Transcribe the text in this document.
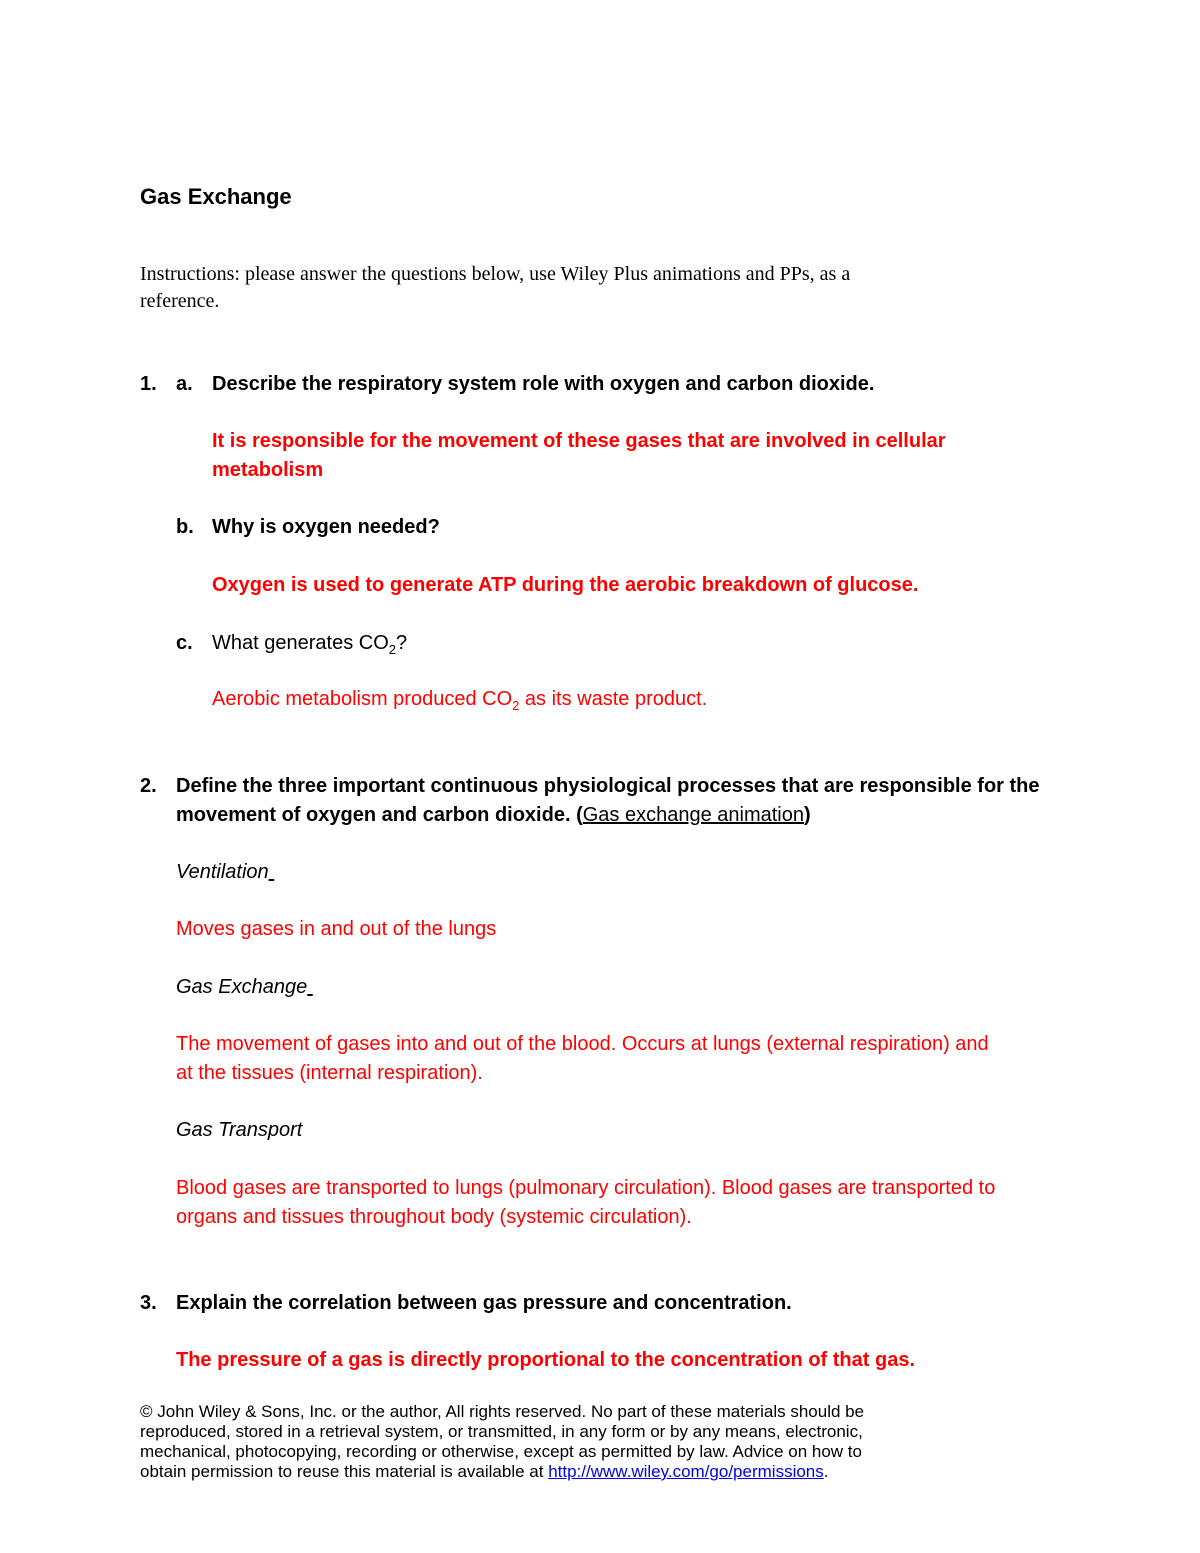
Gas Exchange
Instructions: please answer the questions below, use Wiley Plus animations and PPs, as a
reference.
1. a. Describe the respiratory system role with oxygen and carbon dioxide.
It is responsible for the movement of these gases that are involved in cellular
metabolism
b. Why is oxygen needed?
Oxygen is used to generate ATP during the aerobic breakdown of glucose.
c. What generates $CO_2$?
Aerobic metabolism produced $CO_2$ as its waste product.
2. Define the three important continuous physiological processes that are responsible for the
movement of oxygen and carbon dioxide. (Gas exchange animation)
Ventilation
Moves gases in and out of the lungs
Gas Exchange
The movement of gases into and out of the blood. Occurs at lungs (external respiration) and
at the tissues (internal respiration).
Gas Transport
Blood gases are transported to lungs (pulmonary circulation). Blood gases are transported to
organs and tissues throughout body (systemic circulation).
3. Explain the correlation between gas pressure and concentration.
The pressure of a gas is directly proportional to the concentration of that gas.
© John Wiley & Sons, Inc. or the author, All rights reserved. No part of these materials should be
reproduced, stored in a retrieval system, or transmitted, in any form or by any means, electronic,
mechanical, photocopying, recording or otherwise, except as permitted by law. Advice on how to
obtain permission to reuse this material is available at http://www.wiley.com/go/permissions.
